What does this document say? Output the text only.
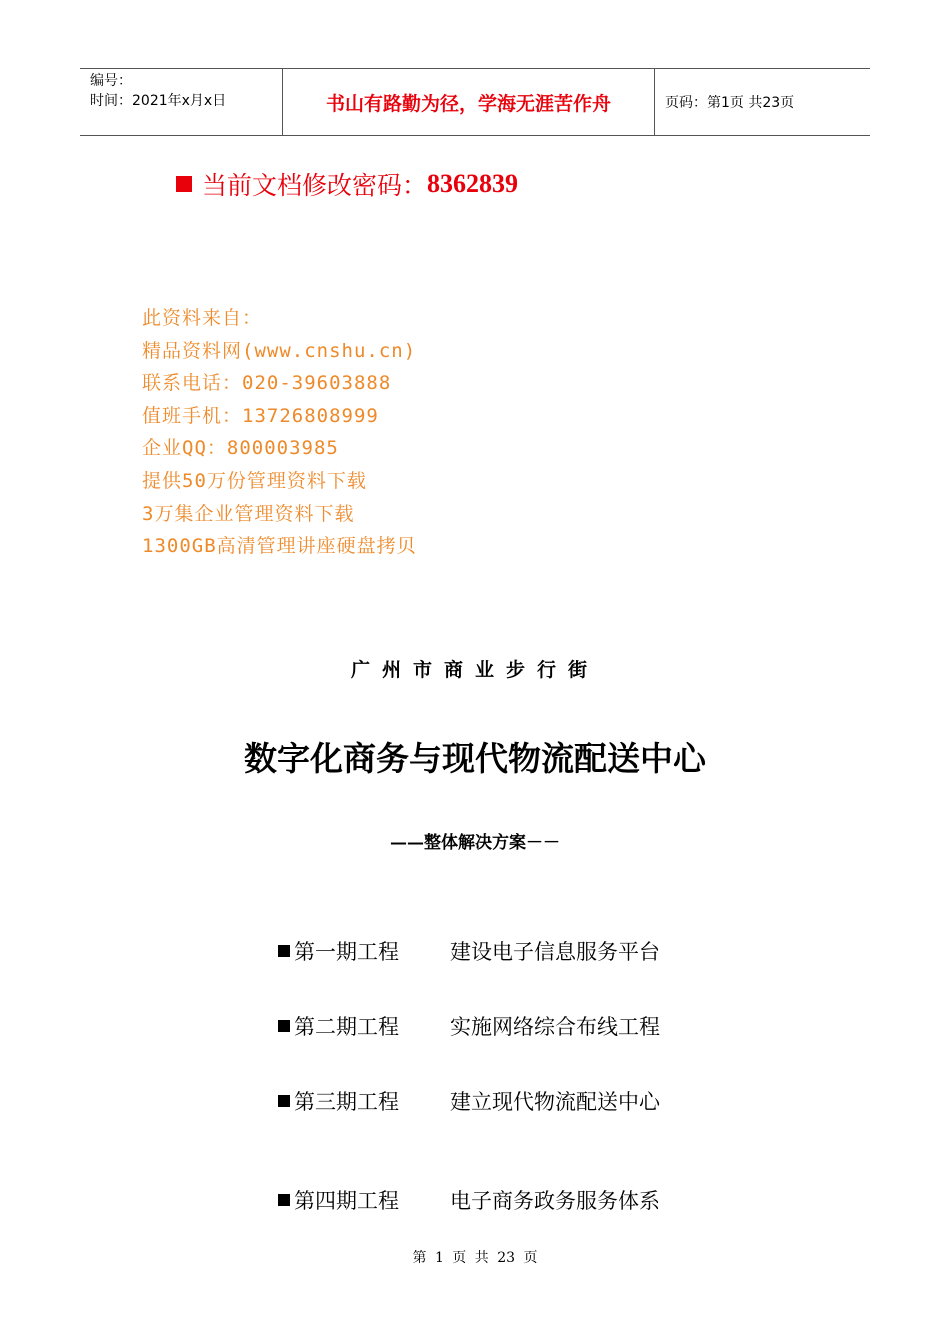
编号：
时间：2021年x月x日	书山有路勤为径，学海无涯苦作舟	页码：第1页 共23页
当前文档修改密码： 8362839
此资料来自：
精品资料网(www.cnshu.cn)
联系电话：020-39603888
值班手机：13726808999
企业QQ：800003985
提供50万份管理资料下载
3万集企业管理资料下载
1300GB高清管理讲座硬盘拷贝
广州市商业步行街
数字化商务与现代物流配送中心
——整体解决方案－－
第一期工程	建设电子信息服务平台
第二期工程	实施网络综合布线工程
第三期工程	建立现代物流配送中心
第四期工程	电子商务政务服务体系
第 1 页 共 23 页
